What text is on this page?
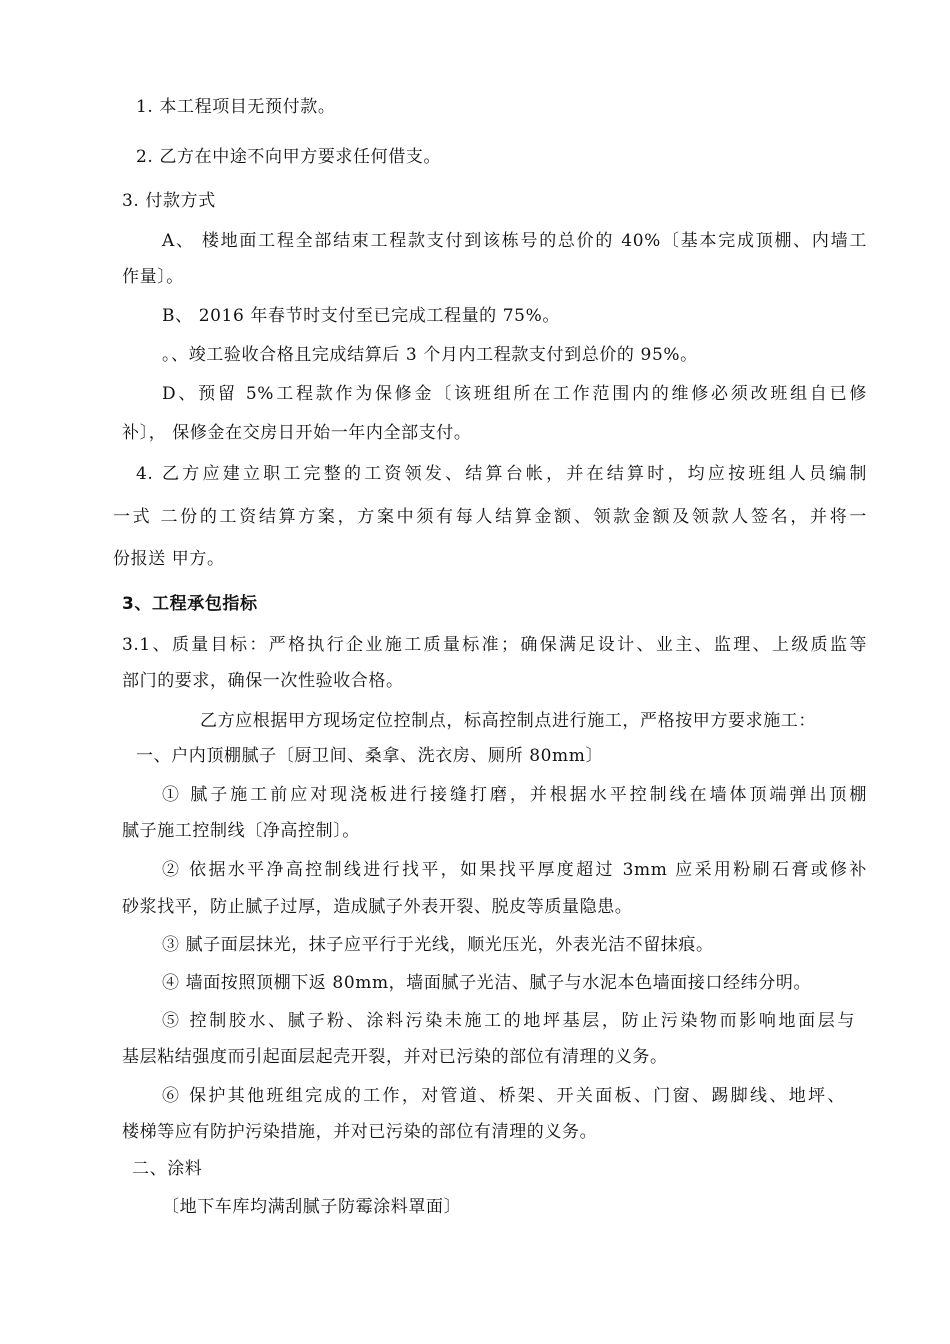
1. 本工程项目无预付款。
2. 乙方在中途不向甲方要求任何借支。
3. 付款方式
A、 楼地面工程全部结束工程款支付到该栋号的总价的 40%〔基本完成顶棚、内墙工
作量〕。
B、 2016 年春节时支付至已完成工程量的 75%。
。、竣工验收合格且完成结算后 3 个月内工程款支付到总价的 95%。
D、预留 5%工程款作为保修金〔该班组所在工作范围内的维修必须改班组自已修
补〕， 保修金在交房日开始一年内全部支付。
4. 乙方应建立职工完整的工资领发、结算台帐，并在结算时，均应按班组人员编制
一式 二份的工资结算方案，方案中须有每人结算金额、领款金额及领款人签名，并将一
份报送 甲方。
3、工程承包指标
3.1、质量目标：严格执行企业施工质量标准；确保满足设计、业主、监理、上级质监等
部门的要求，确保一次性验收合格。
乙方应根据甲方现场定位控制点，标高控制点进行施工，严格按甲方要求施工：
一、户内顶棚腻子〔厨卫间、桑拿、洗衣房、厕所 80mm〕
① 腻子施工前应对现浇板进行接缝打磨，并根据水平控制线在墙体顶端弹出顶棚
腻子施工控制线〔净高控制〕。
② 依据水平净高控制线进行找平，如果找平厚度超过 3mm 应采用粉刷石膏或修补
砂浆找平，防止腻子过厚，造成腻子外表开裂、脱皮等质量隐患。
③ 腻子面层抹光，抹子应平行于光线，顺光压光，外表光洁不留抹痕。
④ 墙面按照顶棚下返 80mm，墙面腻子光洁、腻子与水泥本色墙面接口经纬分明。
⑤ 控制胶水、腻子粉、涂料污染未施工的地坪基层，防止污染物而影响地面层与
基层粘结强度而引起面层起壳开裂，并对已污染的部位有清理的义务。
⑥ 保护其他班组完成的工作，对管道、桥架、开关面板、门窗、踢脚线、地坪、
楼梯等应有防护污染措施，并对已污染的部位有清理的义务。
二、涂料
〔地下车库均满刮腻子防霉涂料罩面〕
